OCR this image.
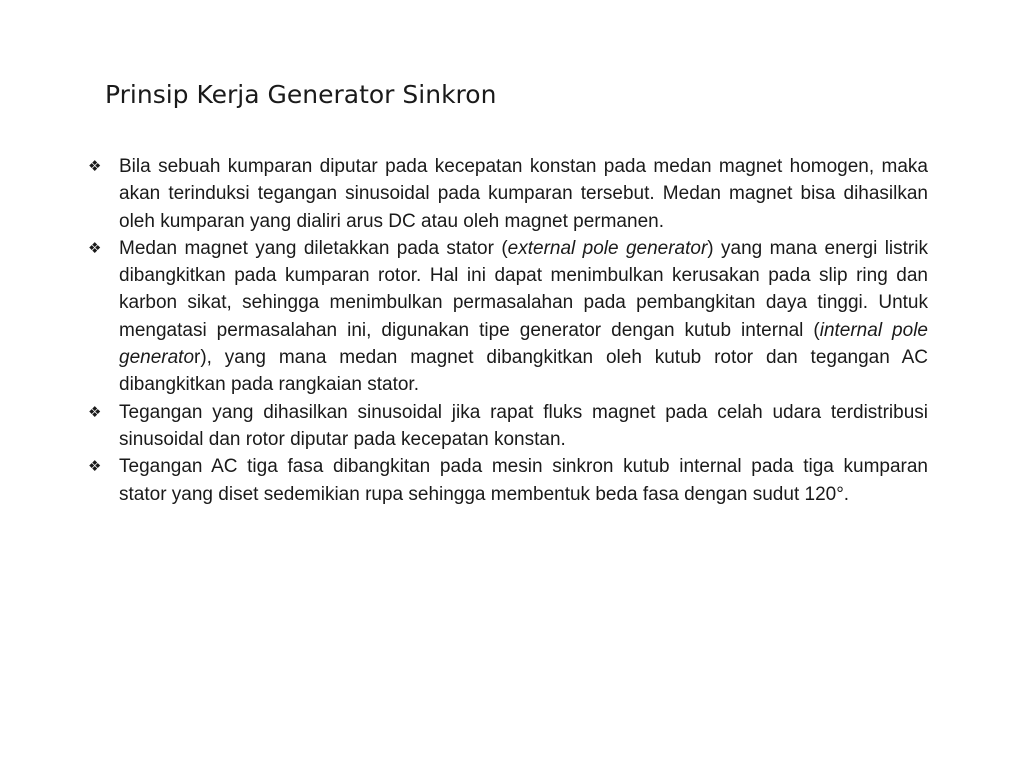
Prinsip Kerja Generator Sinkron
❖ Bila sebuah kumparan diputar pada kecepatan konstan pada medan magnet homogen, maka akan terinduksi tegangan sinusoidal pada kumparan tersebut. Medan magnet bisa dihasilkan oleh kumparan yang dialiri arus DC atau oleh magnet permanen.
❖ Medan magnet yang diletakkan pada stator (external pole generator) yang mana energi listrik dibangkitkan pada kumparan rotor. Hal ini dapat menimbulkan kerusakan pada slip ring dan karbon sikat, sehingga menimbulkan permasalahan pada pembangkitan daya tinggi. Untuk mengatasi permasalahan ini, digunakan tipe generator dengan kutub internal (internal pole generator), yang mana medan magnet dibangkitkan oleh kutub rotor dan tegangan AC dibangkitkan pada rangkaian stator.
❖ Tegangan yang dihasilkan sinusoidal jika rapat fluks magnet pada celah udara terdistribusi sinusoidal dan rotor diputar pada kecepatan konstan.
❖ Tegangan AC tiga fasa dibangkitan pada mesin sinkron kutub internal pada tiga kumparan stator yang diset sedemikian rupa sehingga membentuk beda fasa dengan sudut 120°.
